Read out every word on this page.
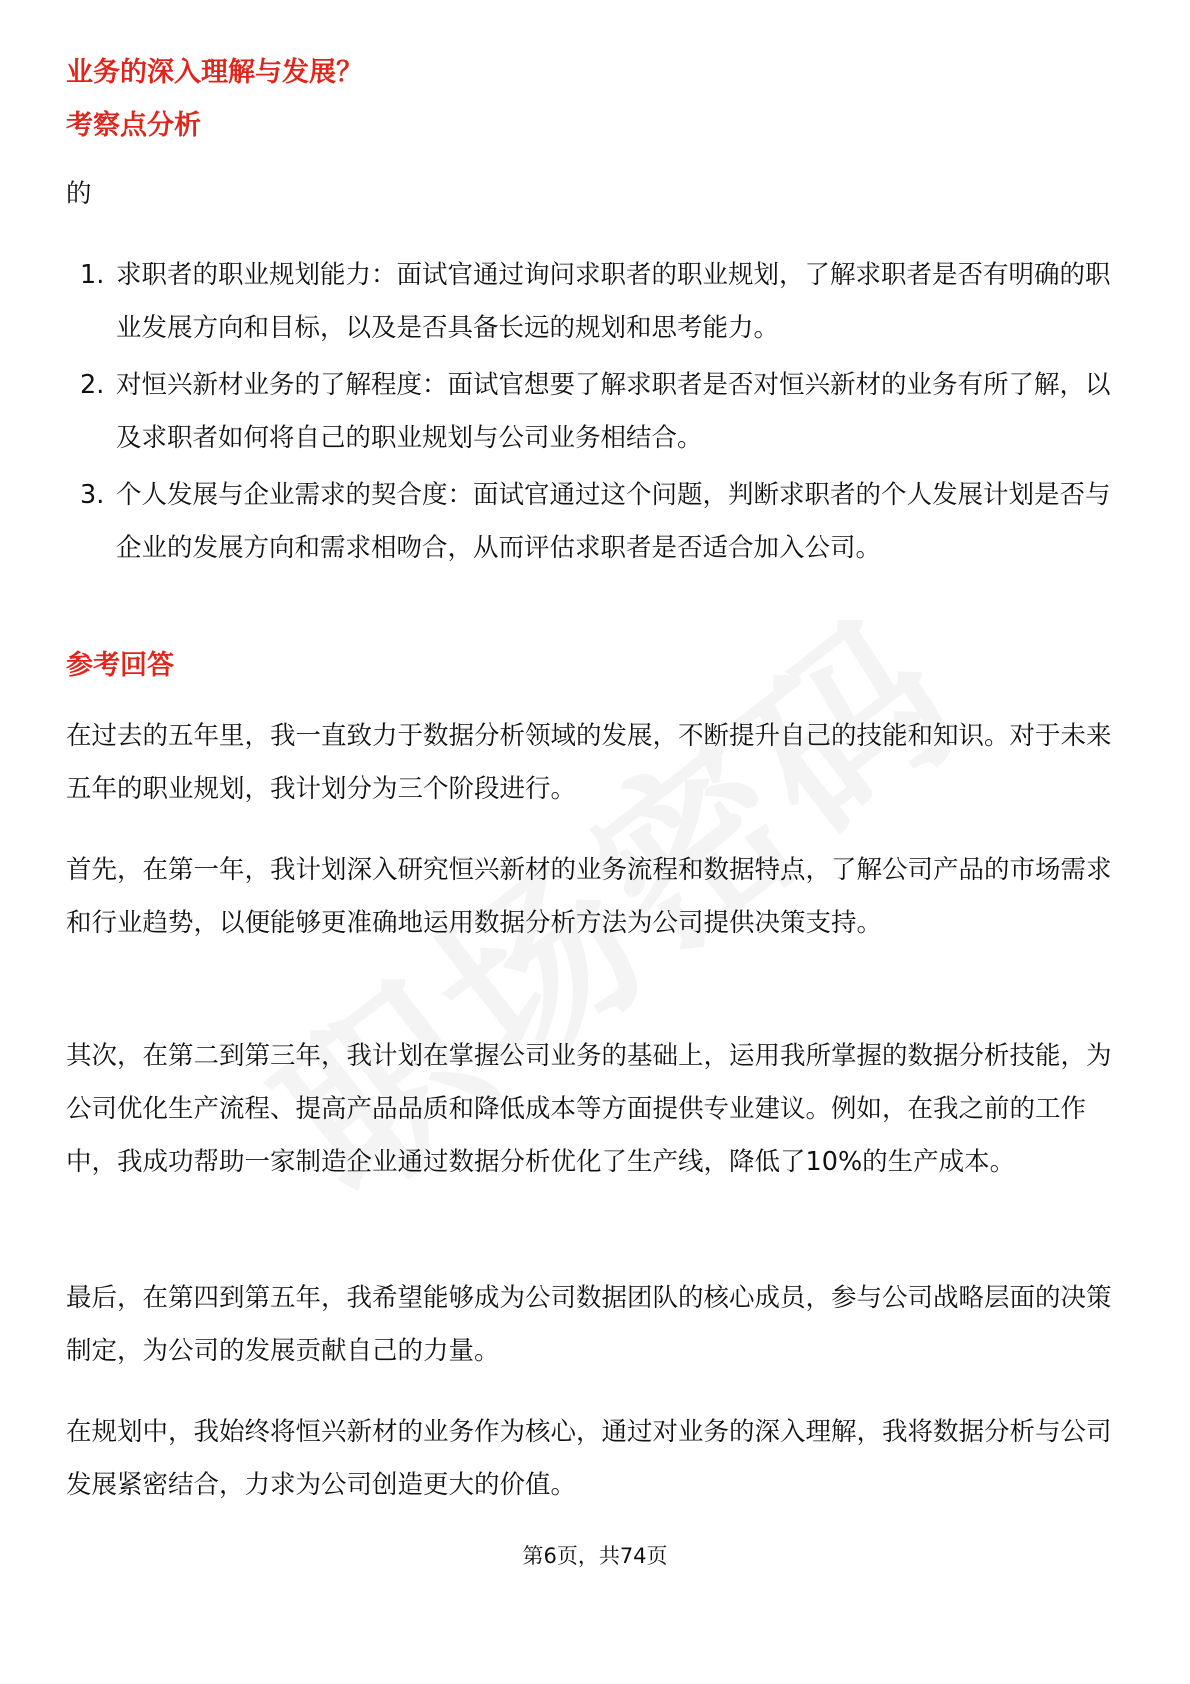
业务的深入理解与发展？
考察点分析

的

1. 求职者的职业规划能力：面试官通过询问求职者的职业规划，了解求职者是否有明确的职业发展方向和目标，以及是否具备长远的规划和思考能力。
2. 对恒兴新材业务的了解程度：面试官想要了解求职者是否对恒兴新材的业务有所了解，以及求职者如何将自己的职业规划与公司业务相结合。
3. 个人发展与企业需求的契合度：面试官通过这个问题，判断求职者的个人发展计划是否与企业的发展方向和需求相吻合，从而评估求职者是否适合加入公司。
参考回答

在过去的五年里，我一直致力于数据分析领域的发展，不断提升自己的技能和知识。对于未来五年的职业规划，我计划分为三个阶段进行。

首先，在第一年，我计划深入研究恒兴新材的业务流程和数据特点，了解公司产品的市场需求和行业趋势，以便能够更准确地运用数据分析方法为公司提供决策支持。

其次，在第二到第三年，我计划在掌握公司业务的基础上，运用我所掌握的数据分析技能，为公司优化生产流程、提高产品品质和降低成本等方面提供专业建议。例如，在我之前的工作中，我成功帮助一家制造企业通过数据分析优化了生产线，降低了10%的生产成本。

最后，在第四到第五年，我希望能够成为公司数据团队的核心成员，参与公司战略层面的决策制定，为公司的发展贡献自己的力量。

在规划中，我始终将恒兴新材的业务作为核心，通过对业务的深入理解，我将数据分析与公司发展紧密结合，力求为公司创造更大的价值。

第6页，共74页
